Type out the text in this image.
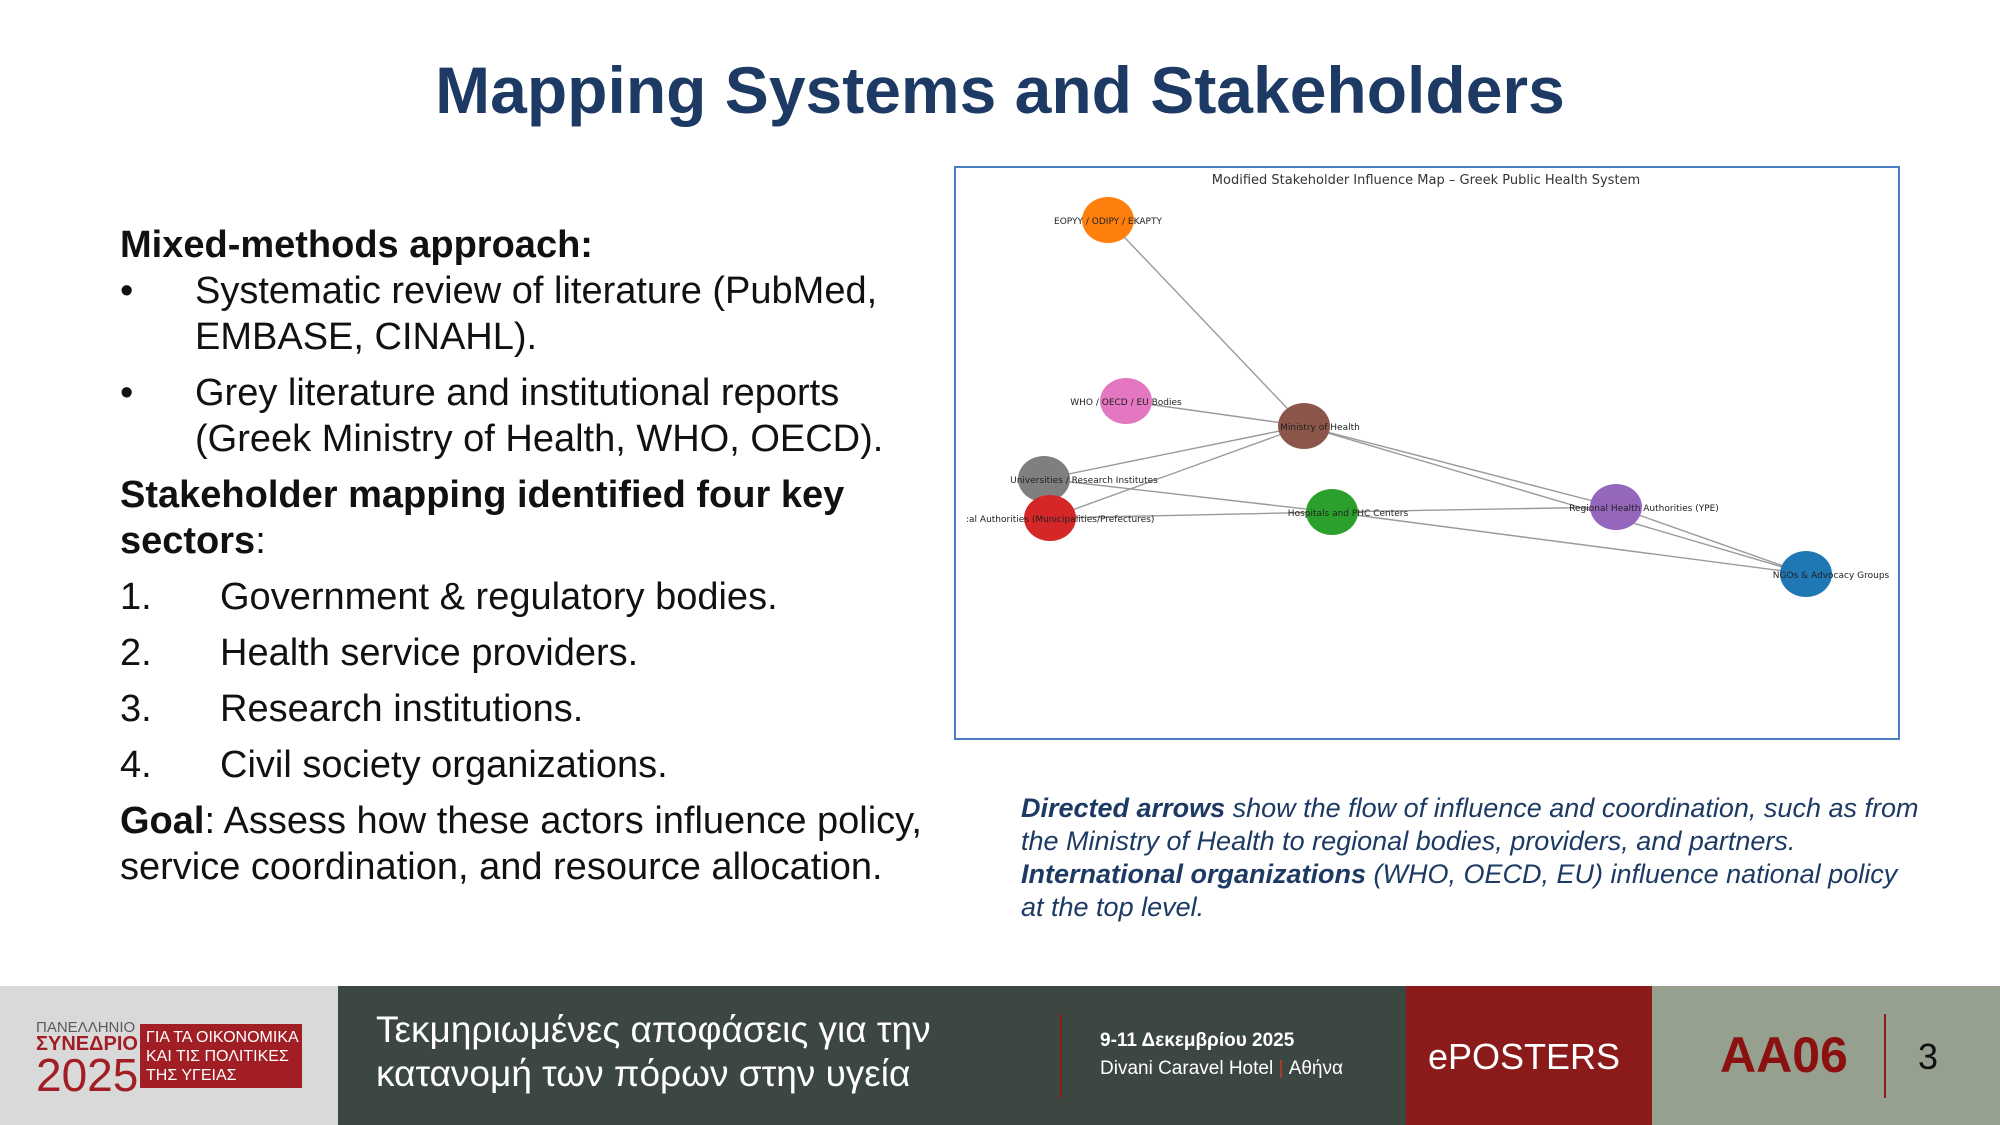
Mapping Systems and Stakeholders
Mixed-methods approach:
•	Systematic review of literature (PubMed, EMBASE, CINAHL).
•	Grey literature and institutional reports (Greek Ministry of Health, WHO, OECD).
Stakeholder mapping identified four key sectors:
1.	Government & regulatory bodies.
2.	Health service providers.
3.	Research institutions.
4.	Civil society organizations.
Goal: Assess how these actors influence policy, service coordination, and resource allocation.
Modified Stakeholder Influence Map – Greek Public Health System
EOPYY / ODIPY / EKAPTY
WHO / OECD / EU Bodies
Ministry of Health
Universities / Research Institutes
:al Authorities (Municipalities/Prefectures)
Hospitals and PHC Centers	Regional Health Authorities (YPE)
NGOs & Advocacy Groups
Directed arrows show the flow of influence and coordination, such as from the Ministry of Health to regional bodies, providers, and partners. International organizations (WHO, OECD, EU) influence national policy at the top level.
ΠΑΝΕΛΛΗΝΙΟ
ΣΥΝΕΔΡΙΟ
2025
ΓΙΑ ΤΑ ΟΙΚΟΝΟΜΙΚΑ
ΚΑΙ ΤΙΣ ΠΟΛΙΤΙΚΕΣ
ΤΗΣ ΥΓΕΙΑΣ
Τεκμηριωμένες αποφάσεις για την
κατανομή των πόρων στην υγεία
9-11 Δεκεμβρίου 2025
Divani Caravel Hotel | Αθήνα ePOSTERS AA06 3
